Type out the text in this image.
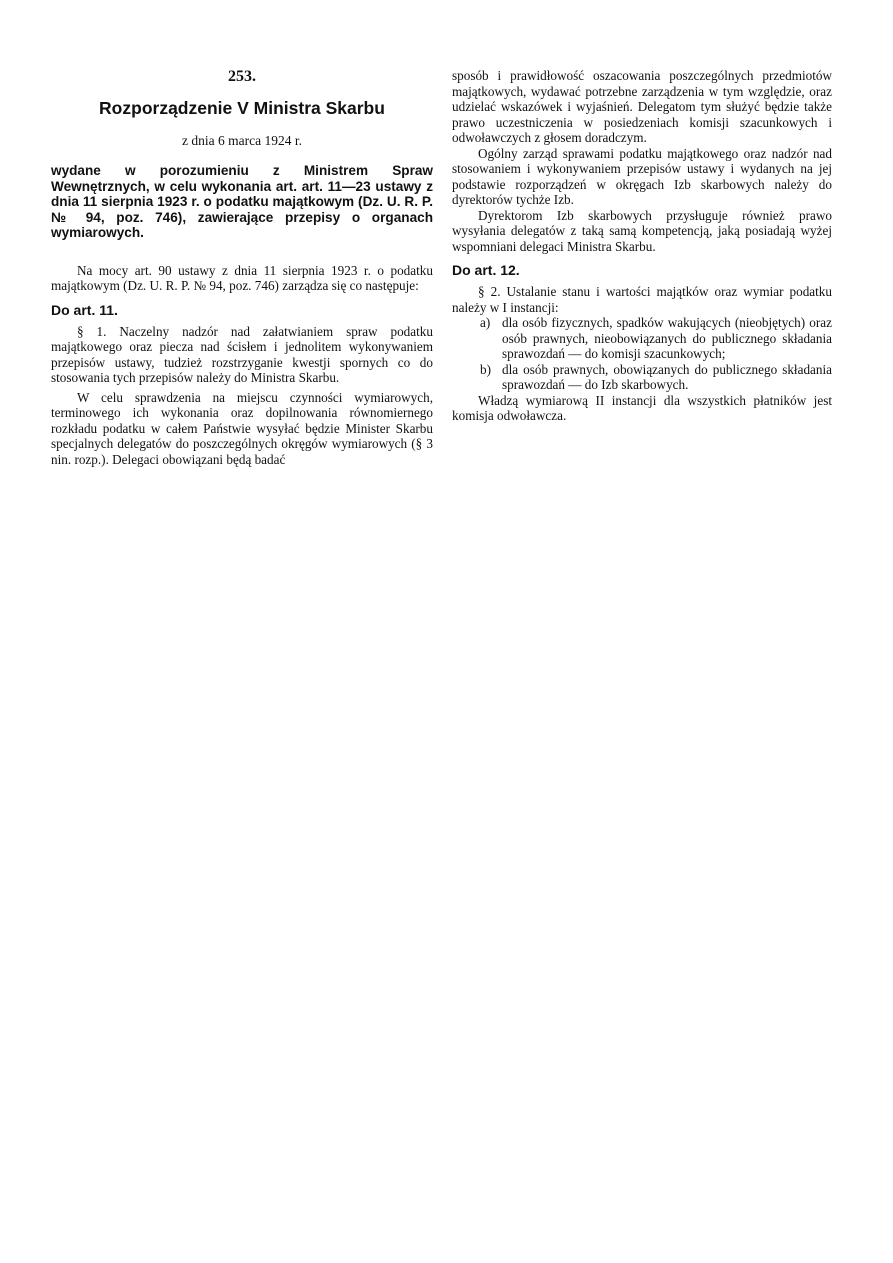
253.
Rozporządzenie V Ministra Skarbu
z dnia 6 marca 1924 r.
wydane w porozumieniu z Ministrem Spraw Wewnętrznych, w celu wykonania art. art. 11—23 ustawy z dnia 11 sierpnia 1923 r. o podatku majątkowym (Dz. U. R. P. № 94, poz. 746), zawierające przepisy o organach wymiarowych.

Na mocy art. 90 ustawy z dnia 11 sierpnia 1923 r. o podatku majątkowym (Dz. U. R. P. № 94, poz. 746) zarządza się co następuje:

Do art. 11.

§ 1. Naczelny nadzór nad załatwianiem spraw podatku majątkowego oraz piecza nad ścisłem i jednolitem wykonywaniem przepisów ustawy, tudzież rozstrzyganie kwestji spornych co do stosowania tych przepisów należy do Ministra Skarbu.

W celu sprawdzenia na miejscu czynności wymiarowych, terminowego ich wykonania oraz dopilnowania równomiernego rozkładu podatku w całem Państwie wysyłać będzie Minister Skarbu specjalnych delegatów do poszczególnych okręgów wymiarowych (§ 3 nin. rozp.). Delegaci obowiązani będą badać

sposób i prawidłowość oszacowania poszczególnych przedmiotów majątkowych, wydawać potrzebne zarządzenia w tym względzie, oraz udzielać wskazówek i wyjaśnień. Delegatom tym służyć będzie także prawo uczestniczenia w posiedzeniach komisji szacunkowych i odwoławczych z głosem doradczym.

Ogólny zarząd sprawami podatku majątkowego oraz nadzór nad stosowaniem i wykonywaniem przepisów ustawy i wydanych na jej podstawie rozporządzeń w okręgach Izb skarbowych należy do dyrektorów tychże Izb.

Dyrektorom Izb skarbowych przysługuje również prawo wysyłania delegatów z taką samą kompetencją, jaką posiadają wyżej wspomniani delegaci Ministra Skarbu.

Do art. 12.

§ 2. Ustalanie stanu i wartości majątków oraz wymiar podatku należy w I instancji:

a) dla osób fizycznych, spadków wakujących (nieobjętych) oraz osób prawnych, nieobowiązanych do publicznego składania sprawozdań — do komisji szacunkowych;
b) dla osób prawnych, obowiązanych do publicznego składania sprawozdań — do Izb skarbowych.

Władzą wymiarową II instancji dla wszystkich płatników jest komisja odwoławcza.
